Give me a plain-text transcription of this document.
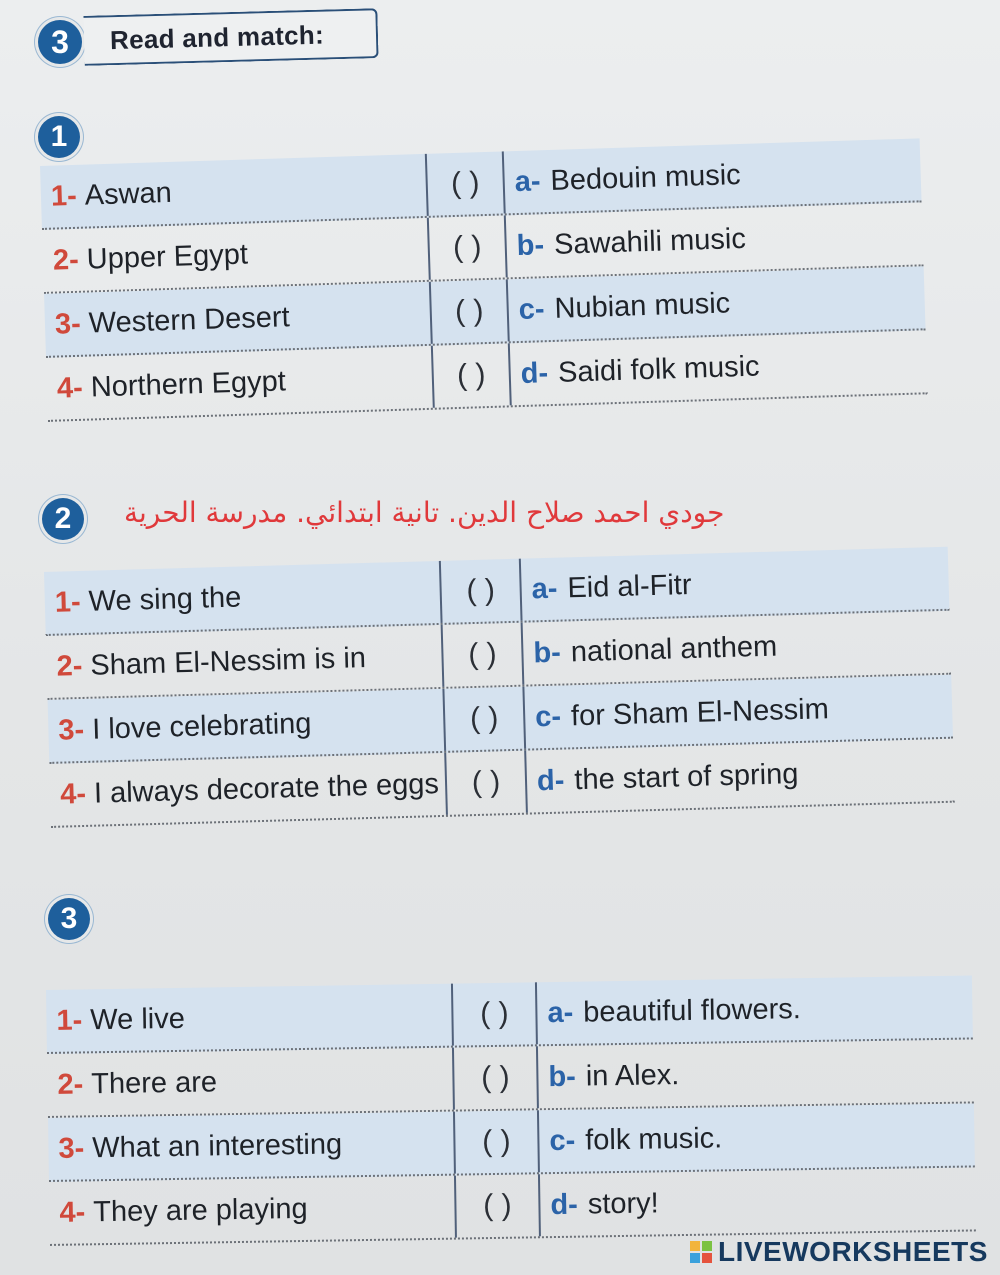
3	Read and match:
1
2
3
جودي احمد صلاح الدين. تانية ابتدائي. مدرسة الحرية
1- Aswan	( )	a- Bedouin music
2- Upper Egypt	( )	b- Sawahili music
3- Western Desert	( )	c- Nubian music
4- Northern Egypt	( )	d- Saidi folk music
1- We sing the	( )	a- Eid al-Fitr
2- Sham El-Nessim is in	( )	b- national anthem
3- I love celebrating	( )	c- for Sham El-Nessim
4- I always decorate the eggs	( )	d- the start of spring
1- We live	( )	a- beautiful flowers.
2- There are	( )	b- in Alex.
3- What an interesting	( )	c- folk music.
4- They are playing	( )	d- story!
LIVEWORKSHEETS
